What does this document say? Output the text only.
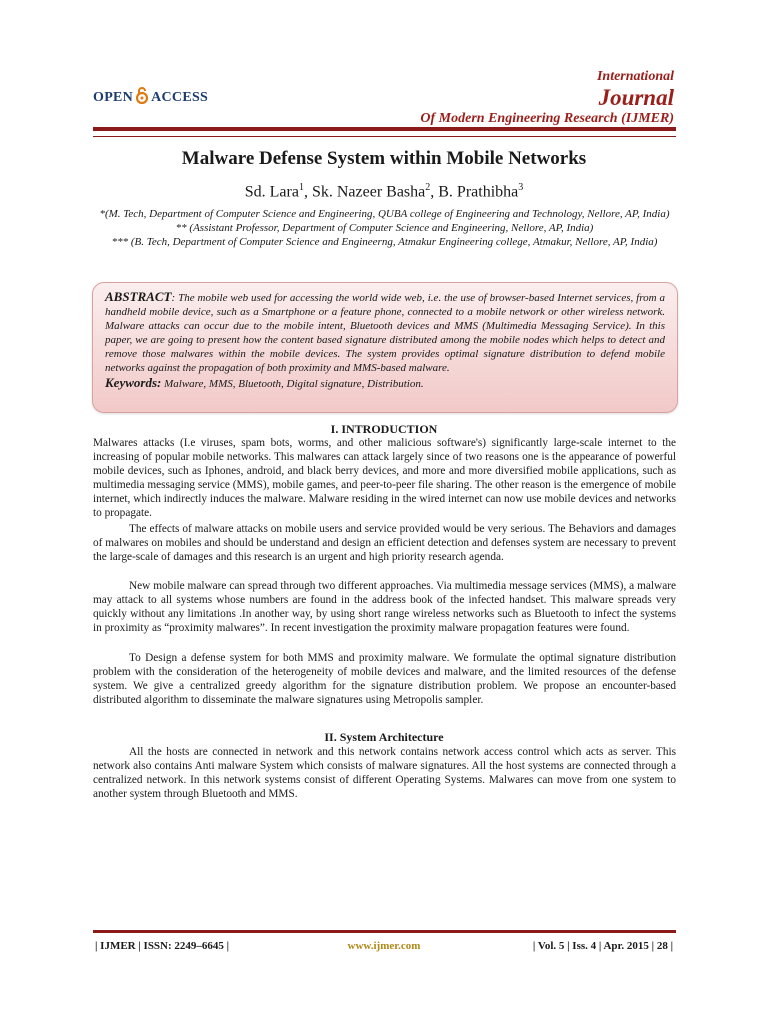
OPEN ACCESS
International
Journal
Of Modern Engineering Research (IJMER)
Malware Defense System within Mobile Networks
Sd. Lara$^1$, Sk. Nazeer Basha$^2$, B. Prathibha$^3$
*(M. Tech, Department of Computer Science and Engineering, QUBA college of Engineering and Technology, Nellore, AP, India)
** (Assistant Professor, Department of Computer Science and Engineering, Nellore, AP, India)
*** (B. Tech, Department of Computer Science and Engineerng, Atmakur Engineering college, Atmakur, Nellore, AP, India)
ABSTRACT: The mobile web used for accessing the world wide web, i.e. the use of browser-based Internet services, from a handheld mobile device, such as a Smartphone or a feature phone, connected to a mobile network or other wireless network. Malware attacks can occur due to the mobile intent, Bluetooth devices and MMS (Multimedia Messaging Service). In this paper, we are going to present how the content based signature distributed among the mobile nodes which helps to detect and remove those malwares within the mobile devices. The system provides optimal signature distribution to defend mobile networks against the propagation of both proximity and MMS-based malware.
Keywords: Malware, MMS, Bluetooth, Digital signature, Distribution.
I. INTRODUCTION

Malwares attacks (I.e viruses, spam bots, worms, and other malicious software's) significantly large-scale internet to the increasing of popular mobile networks. This malwares can attack largely since of two reasons one is the appearance of powerful mobile devices, such as Iphones, android, and black berry devices, and more and more diversified mobile applications, such as multimedia messaging service (MMS), mobile games, and peer-to-peer file sharing. The other reason is the emergence of mobile internet, which indirectly induces the malware. Malware residing in the wired internet can now use mobile devices and networks to propagate.

The effects of malware attacks on mobile users and service provided would be very serious. The Behaviors and damages of malwares on mobiles and should be understand and design an efficient detection and defenses system are necessary to prevent the large-scale of damages and this research is an urgent and high priority research agenda.

New mobile malware can spread through two different approaches. Via multimedia message services (MMS), a malware may attack to all systems whose numbers are found in the address book of the infected handset. This malware spreads very quickly without any limitations .In another way, by using short range wireless networks such as Bluetooth to infect the systems in proximity as “proximity malwares”. In recent investigation the proximity malware propagation features were found.

To Design a defense system for both MMS and proximity malware. We formulate the optimal signature distribution problem with the consideration of the heterogeneity of mobile devices and malware, and the limited resources of the defense system. We give a centralized greedy algorithm for the signature distribution problem. We propose an encounter-based distributed algorithm to disseminate the malware signatures using Metropolis sampler.

II. System Architecture

All the hosts are connected in network and this network contains network access control which acts as server. This network also contains Anti malware System which consists of malware signatures. All the host systems are connected through a centralized network. In this network systems consist of different Operating Systems. Malwares can move from one system to another system through Bluetooth and MMS.

| IJMER | ISSN: 2249–6645 |	www.ijmer.com	| Vol. 5 | Iss. 4 | Apr. 2015 | 28 |
